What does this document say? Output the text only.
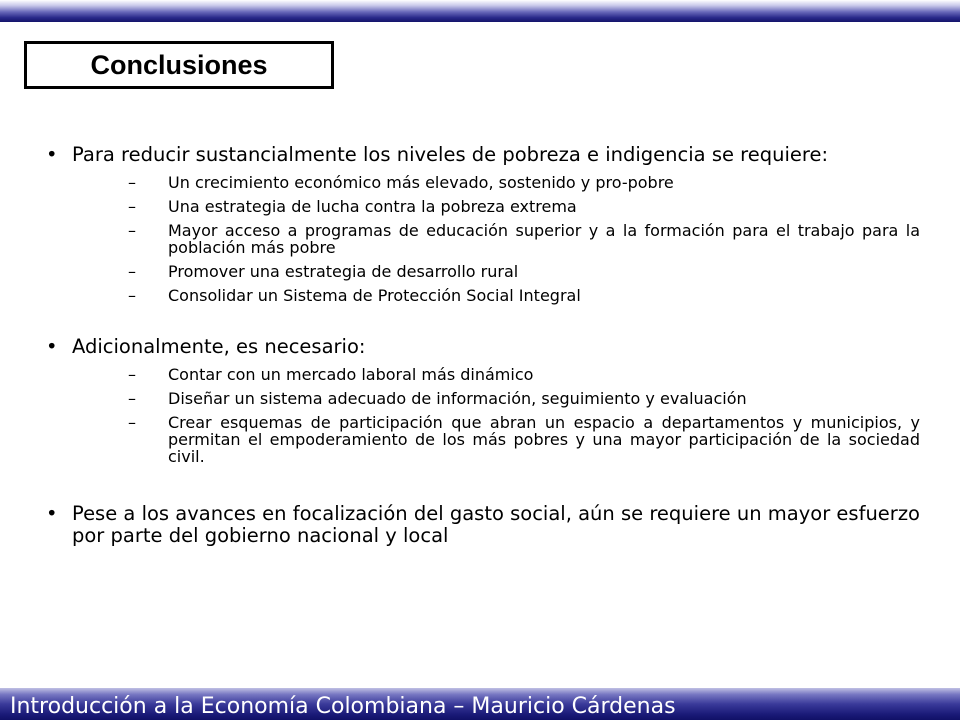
Conclusiones
• Para reducir sustancialmente los niveles de pobreza e indigencia se requiere:
– Un crecimiento económico más elevado, sostenido y pro-pobre
– Una estrategia de lucha contra la pobreza extrema
– Mayor acceso a programas de educación superior y a la formación para el trabajo para la población más pobre
– Promover una estrategia de desarrollo rural
– Consolidar un Sistema de Protección Social Integral
• Adicionalmente, es necesario:
– Contar con un mercado laboral más dinámico
– Diseñar un sistema adecuado de información, seguimiento y evaluación
– Crear esquemas de participación que abran un espacio a departamentos y municipios, y permitan el empoderamiento de los más pobres y una mayor participación de la sociedad civil.
• Pese a los avances en focalización del gasto social, aún se requiere un mayor esfuerzo por parte del gobierno nacional y local
Introducción a la Economía Colombiana – Mauricio Cárdenas
